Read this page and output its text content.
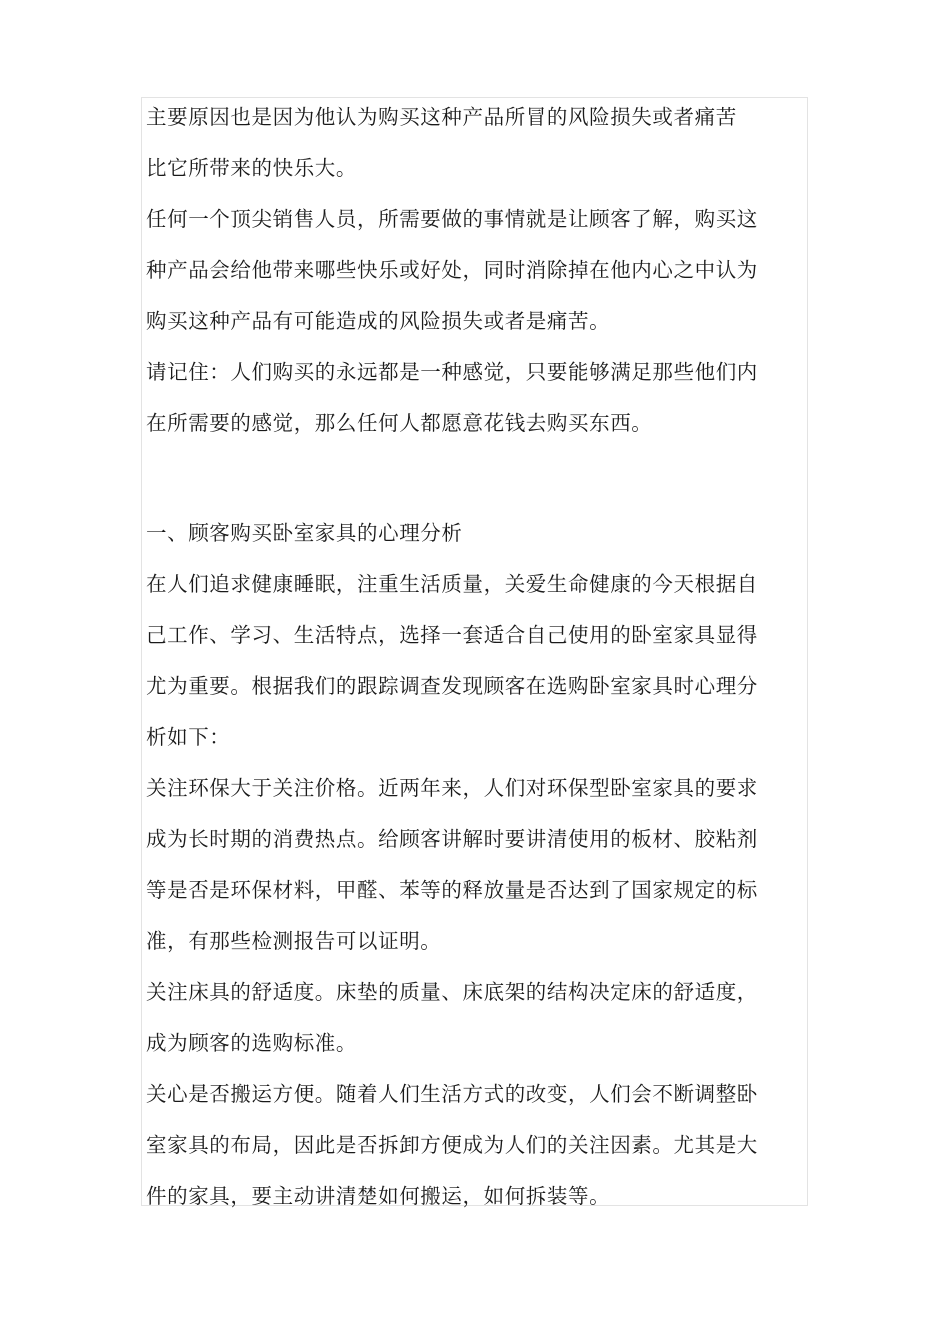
主要原因也是因为他认为购买这种产品所冒的风险损失或者痛苦
比它所带来的快乐大。
任何一个顶尖销售人员，所需要做的事情就是让顾客了解，购买这
种产品会给他带来哪些快乐或好处，同时消除掉在他内心之中认为
购买这种产品有可能造成的风险损失或者是痛苦。
请记住：人们购买的永远都是一种感觉，只要能够满足那些他们内
在所需要的感觉，那么任何人都愿意花钱去购买东西。
一、顾客购买卧室家具的心理分析
在人们追求健康睡眠，注重生活质量，关爱生命健康的今天根据自
己工作、学习、生活特点，选择一套适合自己使用的卧室家具显得
尤为重要。根据我们的跟踪调查发现顾客在选购卧室家具时心理分
析如下：
关注环保大于关注价格。近两年来，人们对环保型卧室家具的要求
成为长时期的消费热点。给顾客讲解时要讲清使用的板材、胶粘剂
等是否是环保材料，甲醛、苯等的释放量是否达到了国家规定的标
准，有那些检测报告可以证明。
关注床具的舒适度。床垫的质量、床底架的结构决定床的舒适度，
成为顾客的选购标准。
关心是否搬运方便。随着人们生活方式的改变，人们会不断调整卧
室家具的布局，因此是否拆卸方便成为人们的关注因素。尤其是大
件的家具，要主动讲清楚如何搬运，如何拆装等。
